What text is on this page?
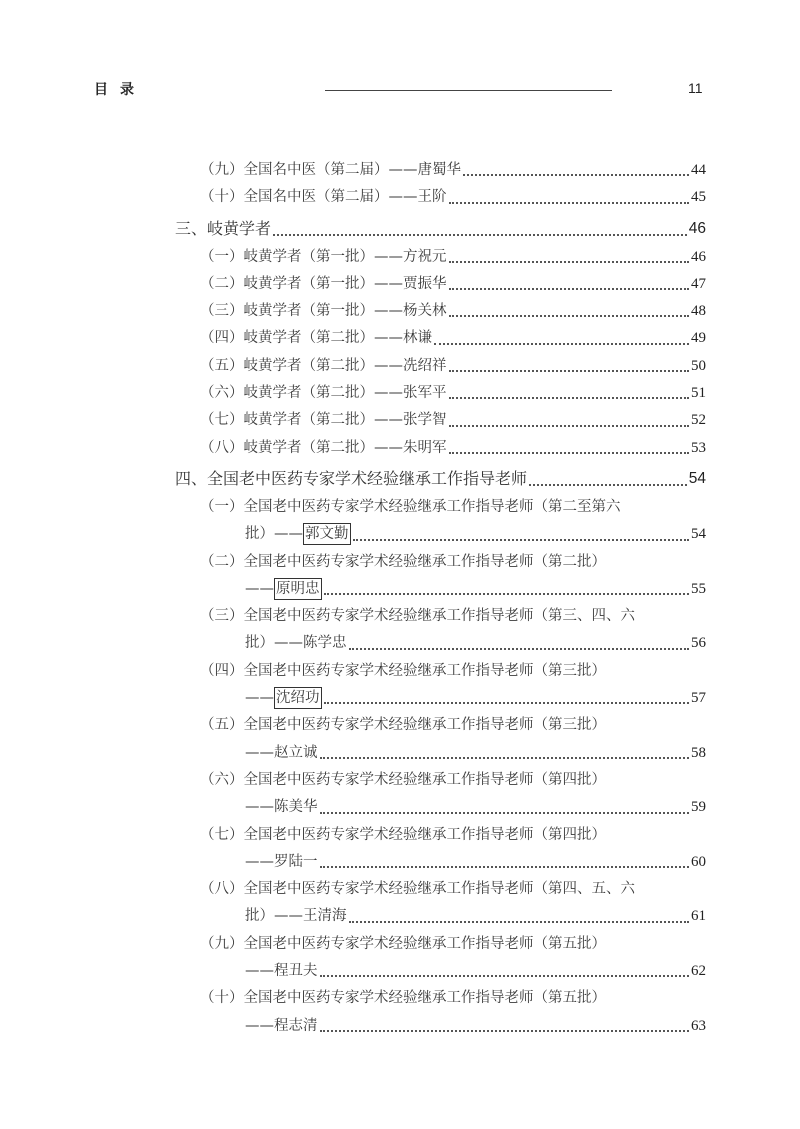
目录	11
（九）全国名中医（第二届）——唐蜀华	44
（十）全国名中医（第二届）——王阶	45
三、岐黄学者	46
（一）岐黄学者（第一批）——方祝元	46
（二）岐黄学者（第一批）——贾振华	47
（三）岐黄学者（第一批）——杨关林	48
（四）岐黄学者（第二批）——林谦	49
（五）岐黄学者（第二批）——冼绍祥	50
（六）岐黄学者（第二批）——张军平	51
（七）岐黄学者（第二批）——张学智	52
（八）岐黄学者（第二批）——朱明军	53
四、全国老中医药专家学术经验继承工作指导老师	54
（一）全国老中医药专家学术经验继承工作指导老师（第二至第六
批）—— 郭文勤	54
（二）全国老中医药专家学术经验继承工作指导老师（第二批）
—— 原明忠	55
（三）全国老中医药专家学术经验继承工作指导老师（第三、四、六
批）——陈学忠	56
（四）全国老中医药专家学术经验继承工作指导老师（第三批）
—— 沈绍功	57
（五）全国老中医药专家学术经验继承工作指导老师（第三批）
——赵立诚	58
（六）全国老中医药专家学术经验继承工作指导老师（第四批）
——陈美华	59
（七）全国老中医药专家学术经验继承工作指导老师（第四批）
——罗陆一	60
（八）全国老中医药专家学术经验继承工作指导老师（第四、五、六
批）——王清海	61
（九）全国老中医药专家学术经验继承工作指导老师（第五批）
——程丑夫	62
（十）全国老中医药专家学术经验继承工作指导老师（第五批）
——程志清	63
